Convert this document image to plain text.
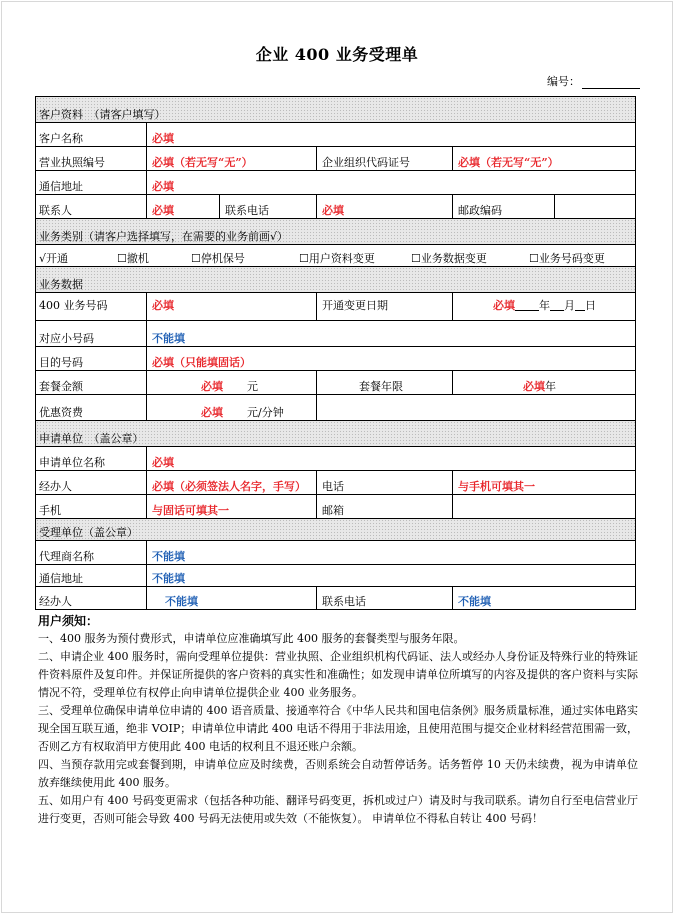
企业 400 业务受理单
编号：
客户资料　（请客户填写）
客户名称	必填
营业执照编号	必填（若无写“无”）	企业组织代码证号	必填（若无写“无”）
通信地址	必填
联系人	必填	联系电话	必填	邮政编码
业务类别（请客户选择填写，在需要的业务前画√）
√开通	☐撤机	☐停机保号	☐用户资料变更	☐业务数据变更	☐业务号码变更
业务数据
400 业务号码	必填	开通变更日期	必填 年 月 日
对应小号码	不能填
目的号码	必填（只能填固话）
套餐金额	必填 元	套餐年限	必填 年
优惠资费	必填 元/分钟
申请单位　（盖公章）
申请单位名称	必填
经办人	必填（必须签法人名字，手写） 电话	与手机可填其一
手机	与固话可填其一	邮箱
受理单位（盖公章）
代理商名称	不能填
通信地址	不能填
经办人	不能填	联系电话	不能填
用户须知：

一、400 服务为预付费形式，申请单位应准确填写此 400 服务的套餐类型与服务年限。

二、申请企业 400 服务时，需向受理单位提供：营业执照、企业组织机构代码证、法人或经办人身份证及特殊行业的特殊证件资料原件及复印件。并保证所提供的客户资料的真实性和准确性；如发现申请单位所填写的内容及提供的客户资料与实际情况不符，受理单位有权停止向申请单位提供企业 400 业务服务。

三、受理单位确保申请单位申请的 400 语音质量、接通率符合《中华人民共和国电信条例》服务质量标准，通过实体电路实现全国互联互通，绝非 VOIP；申请单位申请此 400 电话不得用于非法用途，且使用范围与提交企业材料经营范围需一致，否则乙方有权取消甲方使用此 400 电话的权利且不退还账户余额。

四、当预存款用完或套餐到期，申请单位应及时续费，否则系统会自动暂停话务。话务暂停 10 天仍未续费，视为申请单位放弃继续使用此 400 服务。

五、如用户有 400 号码变更需求（包括各种功能、翻译号码变更，拆机或过户）请及时与我司联系。请勿自行至电信营业厅进行变更，否则可能会导致 400 号码无法使用或失效（不能恢复）。 申请单位不得私自转让 400 号码！
